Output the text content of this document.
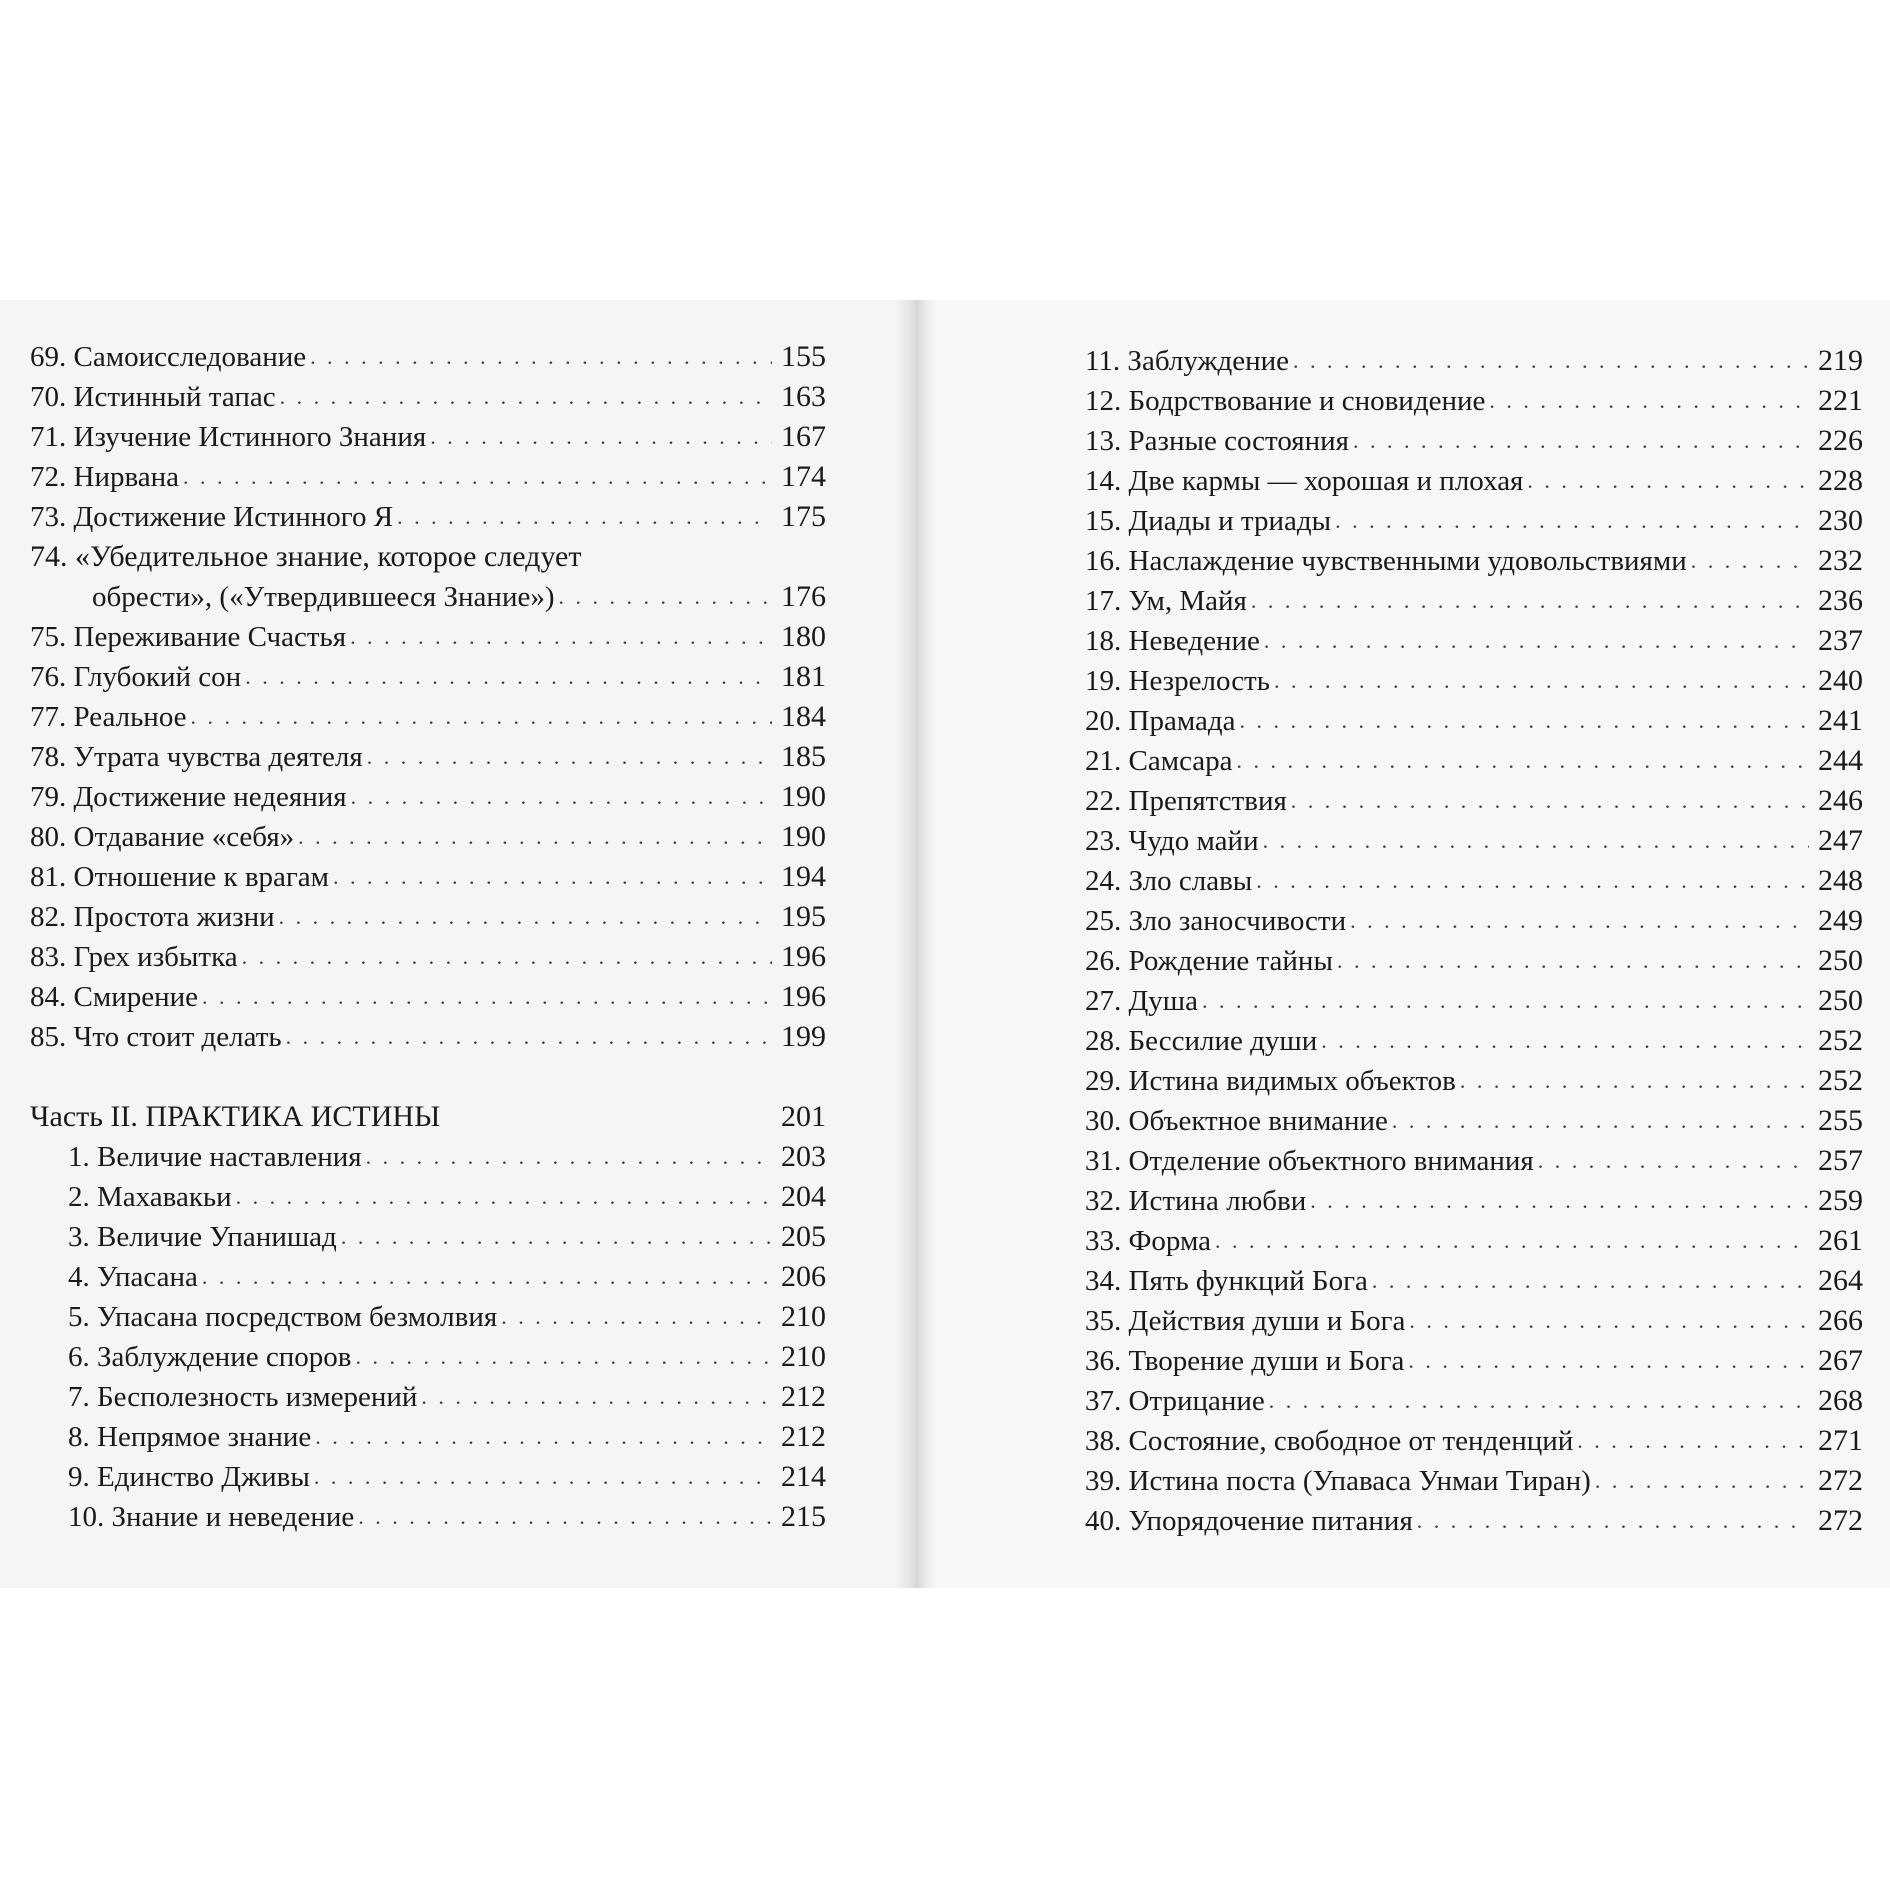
69. Самоисследование . . .	155
70. Истинный тапас . . .	163
71. Изучение Истинного Знания . . .	167
72. Нирвана . . .	174
73. Достижение Истинного Я . . .	175
74. «Убедительное знание, которое следует
обрести», («Утвердившееся Знание») . . .	176
75. Переживание Счастья . . .	180
76. Глубокий сон . . .	181
77. Реальное . . .	184
78. Утрата чувства деятеля . . .	185
79. Достижение недеяния . . .	190
80. Отдавание «себя» . . .	190
81. Отношение к врагам . . .	194
82. Простота жизни . . .	195
83. Грех избытка . . .	196
84. Смирение . . .	196
85. Что стоит делать . . .	199
Часть II. ПРАКТИКА ИСТИНЫ	201
1. Величие наставления . . .	203
2. Махавакьи . . .	204
3. Величие Упанишад . . .	205
4. Упасана . . .	206
5. Упасана посредством безмолвия . . .	210
6. Заблуждение споров . . .	210
7. Бесполезность измерений . . .	212
8. Непрямое знание . . .	212
9. Единство Дживы . . .	214
10. Знание и неведение . . .	215
11. Заблуждение . . .	219
12. Бодрствование и сновидение . . .	221
13. Разные состояния . . .	226
14. Две кармы — хорошая и плохая . . .	228
15. Диады и триады . . .	230
16. Наслаждение чувственными удовольствиями . . .	232
17. Ум, Майя . . .	236
18. Неведение . . .	237
19. Незрелость . . .	240
20. Прамада . . .	241
21. Самсара . . .	244
22. Препятствия . . .	246
23. Чудо майи . . .	247
24. Зло славы . . .	248
25. Зло заносчивости . . .	249
26. Рождение тайны . . .	250
27. Душа . . .	250
28. Бессилие души . . .	252
29. Истина видимых объектов . . .	252
30. Объектное внимание . . .	255
31. Отделение объектного внимания . . .	257
32. Истина любви . . .	259
33. Форма . . .	261
34. Пять функций Бога . . .	264
35. Действия души и Бога . . .	266
36. Творение души и Бога . . .	267
37. Отрицание . . .	268
38. Состояние, свободное от тенденций . . .	271
39. Истина поста (Упаваса Унмаи Тиран) . . .	272
40. Упорядочение питания . . .	272
